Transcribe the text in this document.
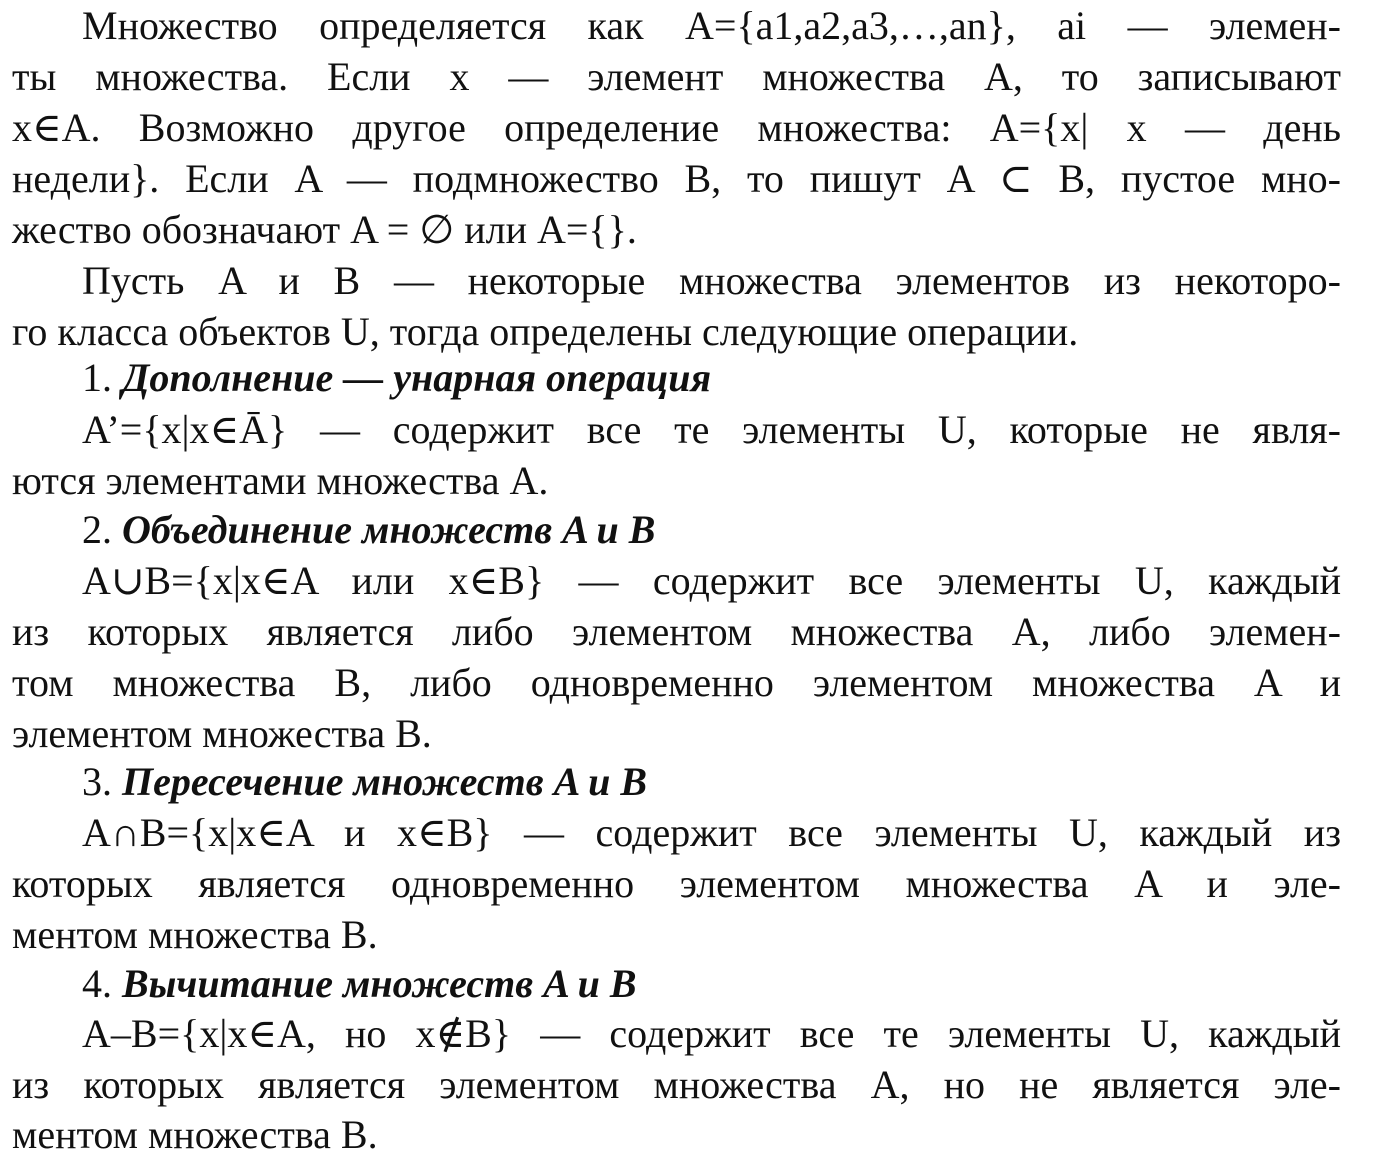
Множество определяется как A={a1,a2,a3,…,an}, ai — элемен-
ты множества. Если x — элемент множества A, то записывают
x∈A. Возможно другое определение множества: A={x| x — день
недели}. Если A — подмножество B, то пишут A ⊂ B, пустое мно-
жество обозначают A = ∅ или A={}.
Пусть A и B — некоторые множества элементов из некоторо-
го класса объектов U, тогда определены следующие операции.
1. Дополнение — унарная операция
A’={x|x∈Ā} — содержит все те элементы U, которые не явля-
ются элементами множества A.
2. Объединение множеств A и B
A∪B={x|x∈A или x∈B} — содержит все элементы U, каждый
из которых является либо элементом множества A, либо элемен-
том множества B, либо одновременно элементом множества A и
элементом множества B.
3. Пересечение множеств A и B
A∩B={x|x∈A и x∈B} — содержит все элементы U, каждый из
которых является одновременно элементом множества A и эле-
ментом множества B.
4. Вычитание множеств A и B
A–B={x|x∈A, но x∉B} — содержит все те элементы U, каждый
из которых является элементом множества A, но не является эле-
ментом множества B.
